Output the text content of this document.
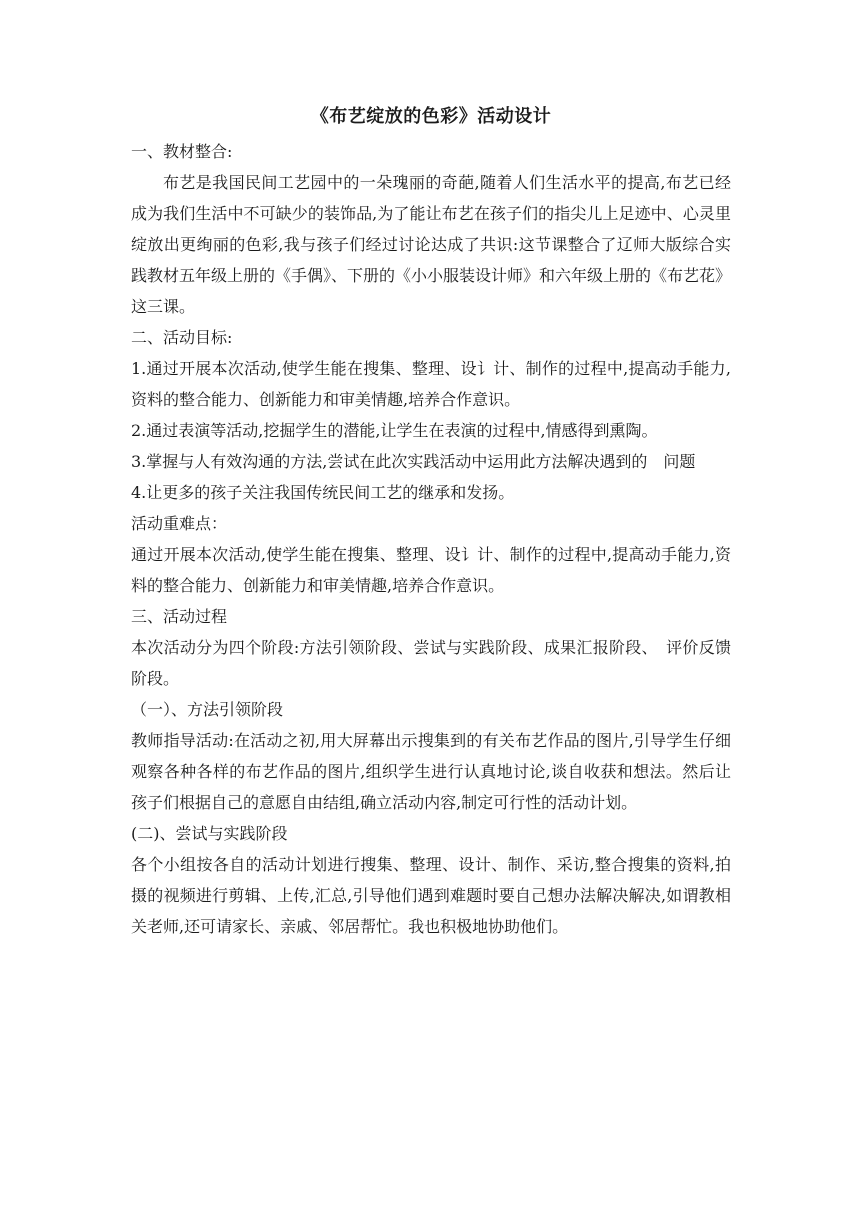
《布艺绽放的色彩》活动设计

一、教材整合:

布艺是我国民间工艺园中的一朵瑰丽的奇葩,随着人们生活水平的提高,布艺已经成为我们生活中不可缺少的装饰品,为了能让布艺在孩子们的指尖儿上足迹中、心灵里绽放出更绚丽的色彩,我与孩子们经过讨论达成了共识:这节课整合了辽师大版综合实践教材五年级上册的《手偶》、下册的《小小服装设计师》和六年级上册的《布艺花》这三课。

二、活动目标:

1.通过开展本次活动,使学生能在搜集、整理、设讠计、制作的过程中,提高动手能力,资料的整合能力、创新能力和审美情趣,培养合作意识。

2.通过表演等活动,挖掘学生的潜能,让学生在表演的过程中,情感得到熏陶。

3.掌握与人有效沟通的方法,尝试在此次实践活动中运用此方法解决遇到的　问题

4.让更多的孩子关注我国传统民间工艺的继承和发扬。

活动重难点：

通过开展本次活动,使学生能在搜集、整理、设讠计、制作的过程中,提高动手能力,资料的整合能力、创新能力和审美情趣,培养合作意识。

三、活动过程

本次活动分为四个阶段:方法引领阶段、尝试与实践阶段、成果汇报阶段、　评价反馈阶段。

（一）、方法引领阶段

教师指导活动:在活动之初,用大屏幕出示搜集到的有关布艺作品的图片,引导学生仔细观察各种各样的布艺作品的图片,组织学生进行认真地讨论,谈自收获和想法。然后让孩子们根据自己的意愿自由结组,确立活动内容,制定可行性的活动计划。

(二)、尝试与实践阶段

各个小组按各自的活动计划进行搜集、整理、设计、制作、采访,整合搜集的资料,拍摄的视频进行剪辑、上传,汇总,引导他们遇到难题时要自己想办法解决解决,如谓教相关老师,还可请家长、亲戚、邻居帮忙。我也积极地协助他们。
